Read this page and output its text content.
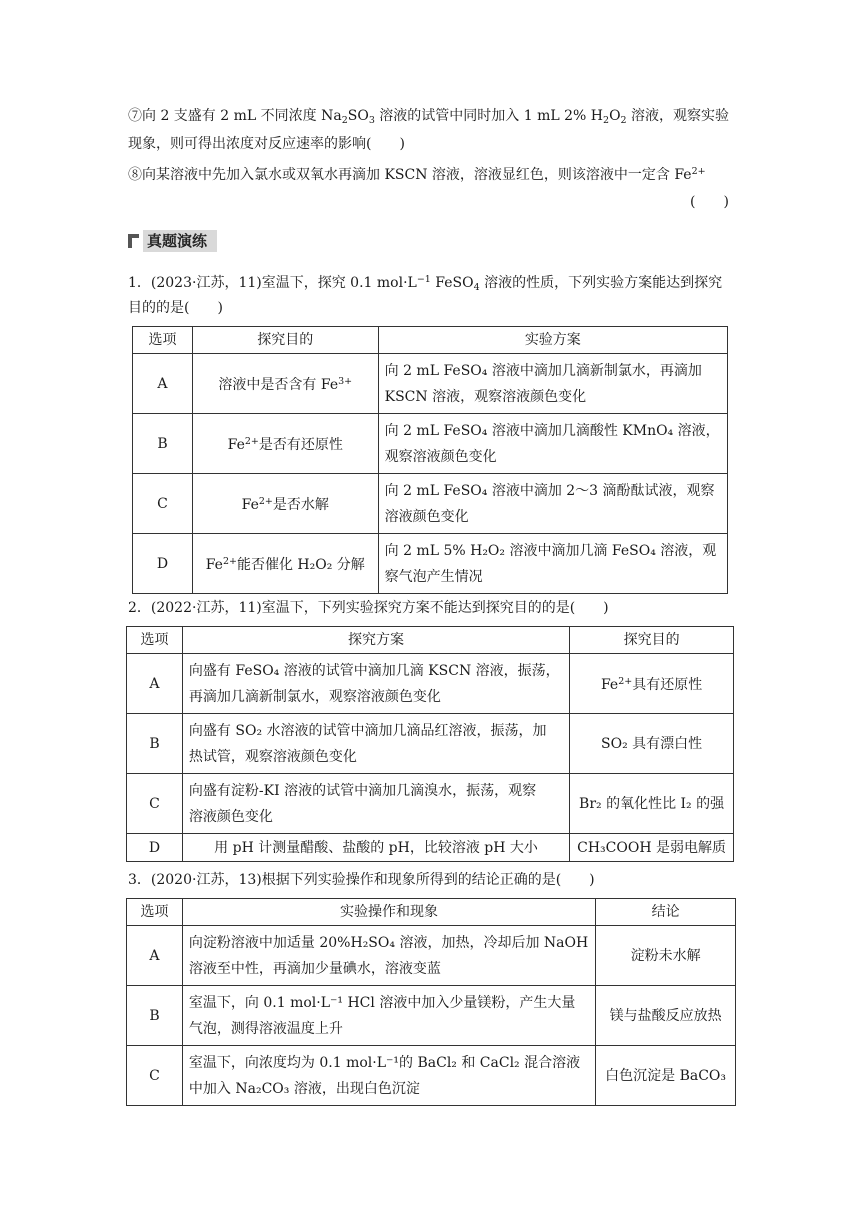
⑦向 2 支盛有 2 mL 不同浓度 $Na_2SO_3$ 溶液的试管中同时加入 1 mL 2% $H_2O_2$ 溶液，观察实验
现象，则可得出浓度对反应速率的影响(　　)
⑧向某溶液中先加入氯水或双氧水再滴加 KSCN 溶液，溶液显红色，则该溶液中一定含 $Fe^{2+}$
(　　)
真题演练
1．(2023·江苏，11)室温下，探究 0.1 $mol\cdot L^{-1}$ FeSO$_4$ 溶液的性质，下列实验方案能达到探究
目的的是(　　)
选项	探究目的	实验方案
A	溶液中是否含有 $Fe^{3+}$	向 2 mL FeSO₄ 溶液中滴加几滴新制氯水，再滴加
KSCN 溶液，观察溶液颜色变化

B	$Fe^{2+}$是否有还原性	向 2 mL FeSO₄ 溶液中滴加几滴酸性 KMnO₄ 溶液，
观察溶液颜色变化

C	$Fe^{2+}$是否水解	向 2 mL FeSO₄ 溶液中滴加 2～3 滴酚酞试液，观察
溶液颜色变化

D	$Fe^{2+}$能否催化 H₂O₂ 分解	向 2 mL 5% H₂O₂ 溶液中滴加几滴 FeSO₄ 溶液，观
察气泡产生情况
2．(2022·江苏，11)室温下，下列实验探究方案不能达到探究目的的是(　　)
选项	探究方案	探究目的
A	向盛有 FeSO₄ 溶液的试管中滴加几滴 KSCN 溶液，振荡，
再滴加几滴新制氯水，观察溶液颜色变化	$Fe^{2+}$具有还原性
B	向盛有 SO₂ 水溶液的试管中滴加几滴品红溶液，振荡，加
热试管，观察溶液颜色变化	SO₂ 具有漂白性
C	向盛有淀粉-KI 溶液的试管中滴加几滴溴水，振荡，观察
溶液颜色变化	Br₂ 的氧化性比 I₂ 的强
D	用 pH 计测量醋酸、盐酸的 pH，比较溶液 pH 大小	CH₃COOH 是弱电解质
3．(2020·江苏，13)根据下列实验操作和现象所得到的结论正确的是(　　)
选项	实验操作和现象	结论
A	向淀粉溶液中加适量 20%H₂SO₄ 溶液，加热，冷却后加 NaOH
溶液至中性，再滴加少量碘水，溶液变蓝	淀粉未水解
B	室温下，向 0.1 mol·L⁻¹ HCl 溶液中加入少量镁粉，产生大量
气泡，测得溶液温度上升	镁与盐酸反应放热
C	室温下，向浓度均为 0.1 mol·L⁻¹的 BaCl₂ 和 CaCl₂ 混合溶液
中加入 Na₂CO₃ 溶液，出现白色沉淀	白色沉淀是 BaCO₃
